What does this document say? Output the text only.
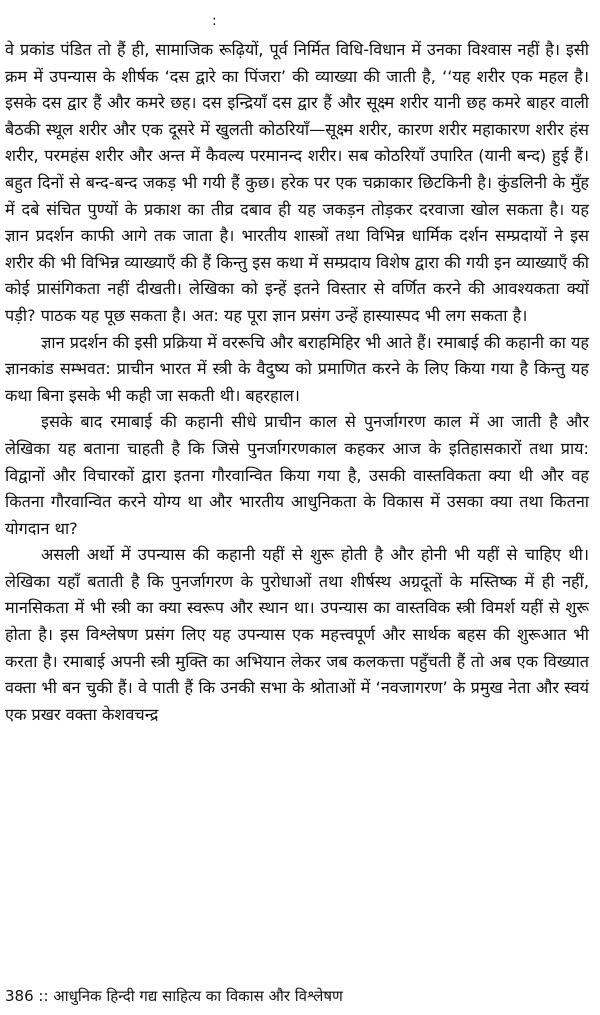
:

वे प्रकांड पंडित तो हैं ही, सामाजिक रूढ़ियों, पूर्व निर्मित विधि-विधान में उनका विश्वास नहीं है। इसी क्रम में उपन्यास के शीर्षक ‘दस द्वारे का पिंजरा’ की व्याख्या की जाती है, ‘‘यह शरीर एक महल है। इसके दस द्वार हैं और कमरे छह। दस इन्द्रियाँ दस द्वार हैं और सूक्ष्म शरीर यानी छह कमरे बाहर वाली बैठकी स्थूल शरीर और एक दूसरे में खुलती कोठरियाँ—सूक्ष्म शरीर, कारण शरीर महाकारण शरीर हंस शरीर, परमहंस शरीर और अन्त में कैवल्य परमानन्द शरीर। सब कोठरियाँ उपारित (यानी बन्द) हुई हैं। बहुत दिनों से बन्द-बन्द जकड़ भी गयी हैं कुछ। हरेक पर एक चक्राकार छिटकिनी है। कुंडलिनी के मुँह में दबे संचित पुण्यों के प्रकाश का तीव्र दबाव ही यह जकड़न तोड़कर दरवाजा खोल सकता है। यह ज्ञान प्रदर्शन काफी आगे तक जाता है। भारतीय शास्त्रों तथा विभिन्न धार्मिक दर्शन सम्प्रदायों ने इस शरीर की भी विभिन्न व्याख्याएँ की हैं किन्तु इस कथा में सम्प्रदाय विशेष द्वारा की गयी इन व्याख्याएँ की कोई प्रासंगिकता नहीं दीखती। लेखिका को इन्हें इतने विस्तार से वर्णित करने की आवश्यकता क्यों पड़ी? पाठक यह पूछ सकता है। अत: यह पूरा ज्ञान प्रसंग उन्हें हास्यास्पद भी लग सकता है।

ज्ञान प्रदर्शन की इसी प्रक्रिया में वररूचि और बराहमिहिर भी आते हैं। रमाबाई की कहानी का यह ज्ञानकांड सम्भवत: प्राचीन भारत में स्त्री के वैदुष्य को प्रमाणित करने के लिए किया गया है किन्तु यह कथा बिना इसके भी कही जा सकती थी। बहरहाल।

इसके बाद रमाबाई की कहानी सीधे प्राचीन काल से पुनर्जागरण काल में आ जाती है और लेखिका यह बताना चाहती है कि जिसे पुनर्जागरणकाल कहकर आज के इतिहासकारों तथा प्राय: विद्वानों और विचारकों द्वारा इतना गौरवान्वित किया गया है, उसकी वास्तविकता क्या थी और वह कितना गौरवान्वित करने योग्य था और भारतीय आधुनिकता के विकास में उसका क्या तथा कितना योगदान था?

असली अर्थो में उपन्यास की कहानी यहीं से शुरू होती है और होनी भी यहीं से चाहिए थी। लेखिका यहाँ बताती है कि पुनर्जागरण के पुरोधाओं तथा शीर्षस्थ अग्रदूतों के मस्तिष्क में ही नहीं, मानसिकता में भी स्त्री का क्या स्वरूप और स्थान था। उपन्यास का वास्तविक स्त्री विमर्श यहीं से शुरू होता है। इस विश्लेषण प्रसंग लिए यह उपन्यास एक महत्त्वपूर्ण और सार्थक बहस की शुरूआत भी करता है। रमाबाई अपनी स्त्री मुक्ति का अभियान लेकर जब कलकत्ता पहुँचती हैं तो अब एक विख्यात वक्ता भी बन चुकी हैं। वे पाती हैं कि उनकी सभा के श्रोताओं में ‘नवजागरण’ के प्रमुख नेता और स्वयं एक प्रखर वक्ता केशवचन्द्र

386 :: आधुनिक हिन्दी गद्य साहित्य का विकास और विश्लेषण
